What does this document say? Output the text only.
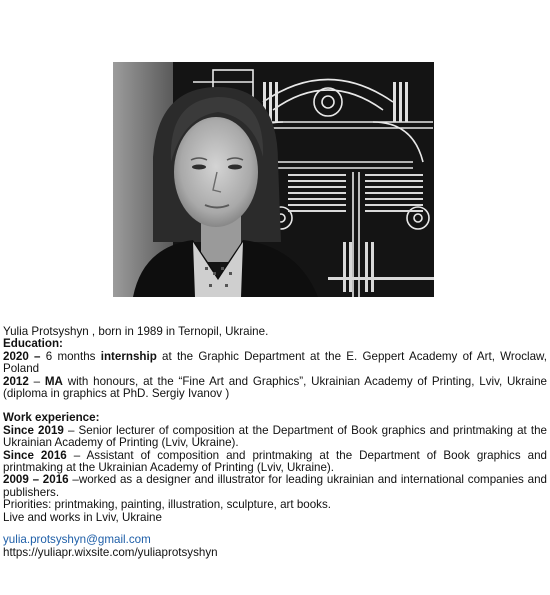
Yulia Protsyshyn , born in 1989 in Ternopil, Ukraine.

Education:

2020 – 6 months internship at the Graphic Department at the E. Geppert Academy of Art, Wroclaw, Poland

2012 – MA with honours, at the “Fine Art and Graphics”, Ukrainian Academy of Printing, Lviv, Ukraine (diploma in graphics at PhD. Sergiy Ivanov )

Work experience:

Since 2019 – Senior lecturer of composition at the Department of Book graphics and printmaking at the Ukrainian Academy of Printing (Lviv, Ukraine).

Since 2016 – Assistant of composition and printmaking at the Department of Book graphics and printmaking at the Ukrainian Academy of Printing (Lviv, Ukraine).

2009 – 2016 –worked as a designer and illustrator for leading ukrainian and international companies and publishers.

Priorities: printmaking, painting, illustration, sculpture, art books.

Live and works in Lviv, Ukraine

yulia.protsyshyn@gmail.com

https://yuliapr.wixsite.com/yuliaprotsyshyn
